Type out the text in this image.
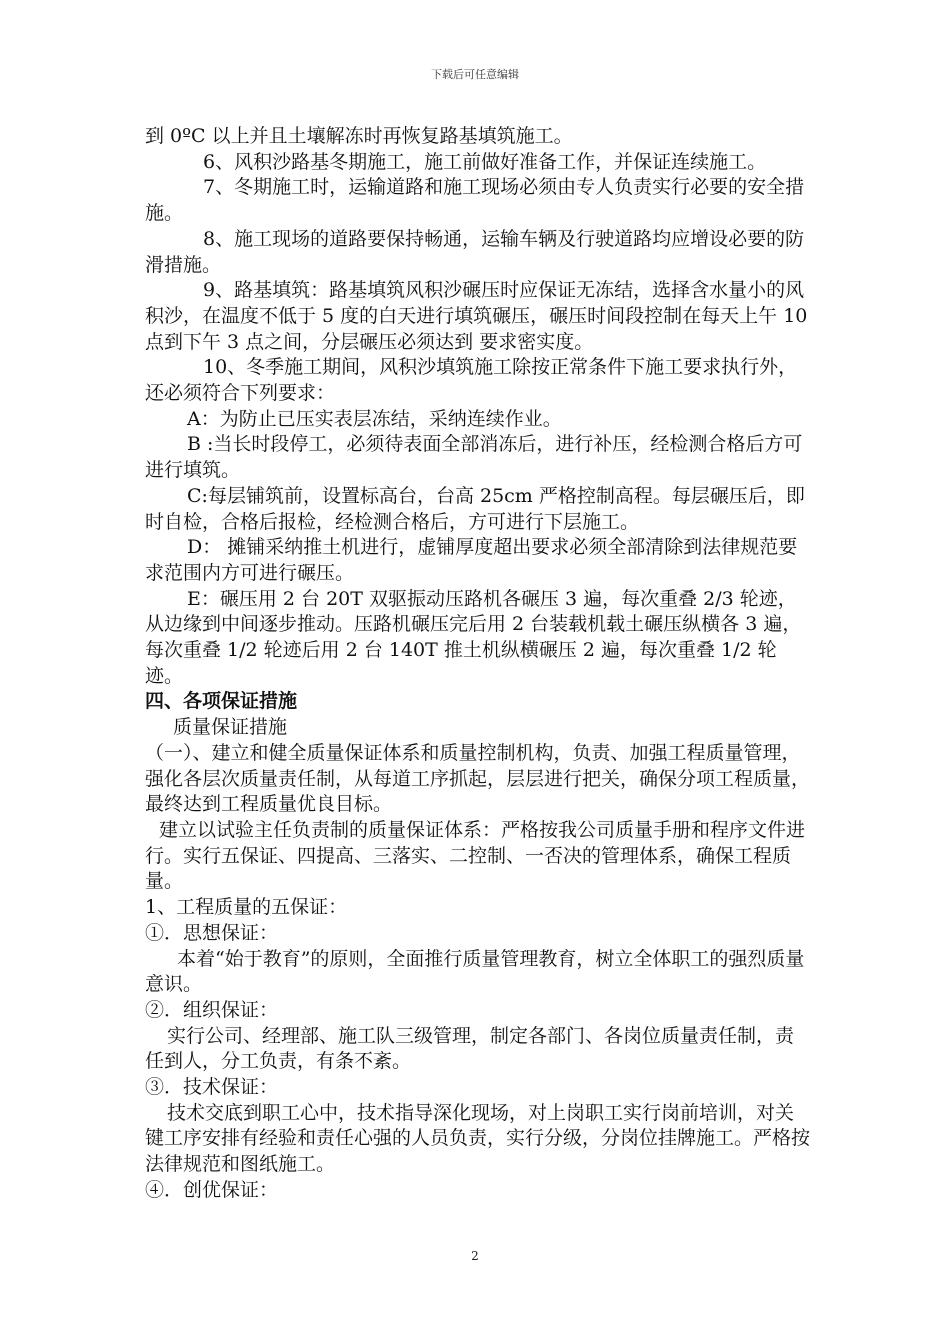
下载后可任意编辑

到 0ºC 以上并且土壤解冻时再恢复路基填筑施工。

6、风积沙路基冬期施工，施工前做好准备工作，并保证连续施工。

7、冬期施工时，运输道路和施工现场必须由专人负责实行必要的安全措施。

8、施工现场的道路要保持畅通，运输车辆及行驶道路均应增设必要的防滑措施。

9、路基填筑：路基填筑风积沙碾压时应保证无冻结，选择含水量小的风积沙，在温度不低于 5 度的白天进行填筑碾压，碾压时间段控制在每天上午 10 点到下午 3 点之间，分层碾压必须达到 要求密实度。

10、冬季施工期间，风积沙填筑施工除按正常条件下施工要求执行外，还必须符合下列要求：

A：为防止已压实表层冻结，采纳连续作业。

B :当长时段停工，必须待表面全部消冻后，进行补压，经检测合格后方可进行填筑。

C:每层铺筑前，设置标高台，台高 25cm 严格控制高程。每层碾压后，即时自检，合格后报检，经检测合格后，方可进行下层施工。

D： 摊铺采纳推土机进行，虚铺厚度超出要求必须全部清除到法律规范要求范围内方可进行碾压。

E：碾压用 2 台 20T 双驱振动压路机各碾压 3 遍，每次重叠 2/3 轮迹，从边缘到中间逐步推动。压路机碾压完后用 2 台装载机载土碾压纵横各 3 遍，每次重叠 1/2 轮迹后用 2 台 140T 推土机纵横碾压 2 遍，每次重叠 1/2 轮迹。

四、各项保证措施

质量保证措施

（一）、建立和健全质量保证体系和质量控制机构，负责、加强工程质量管理，强化各层次质量责任制，从每道工序抓起，层层进行把关，确保分项工程质量，最终达到工程质量优良目标。

建立以试验主任负责制的质量保证体系：严格按我公司质量手册和程序文件进行。实行五保证、四提高、三落实、二控制、一否决的管理体系，确保工程质量。

1、工程质量的五保证：

①．思想保证：

本着“始于教育”的原则，全面推行质量管理教育，树立全体职工的强烈质量意识。

②．组织保证：

实行公司、经理部、施工队三级管理，制定各部门、各岗位质量责任制，责任到人，分工负责，有条不紊。

③．技术保证：

技术交底到职工心中，技术指导深化现场，对上岗职工实行岗前培训，对关键工序安排有经验和责任心强的人员负责，实行分级，分岗位挂牌施工。严格按法律规范和图纸施工。

④．创优保证：

2
